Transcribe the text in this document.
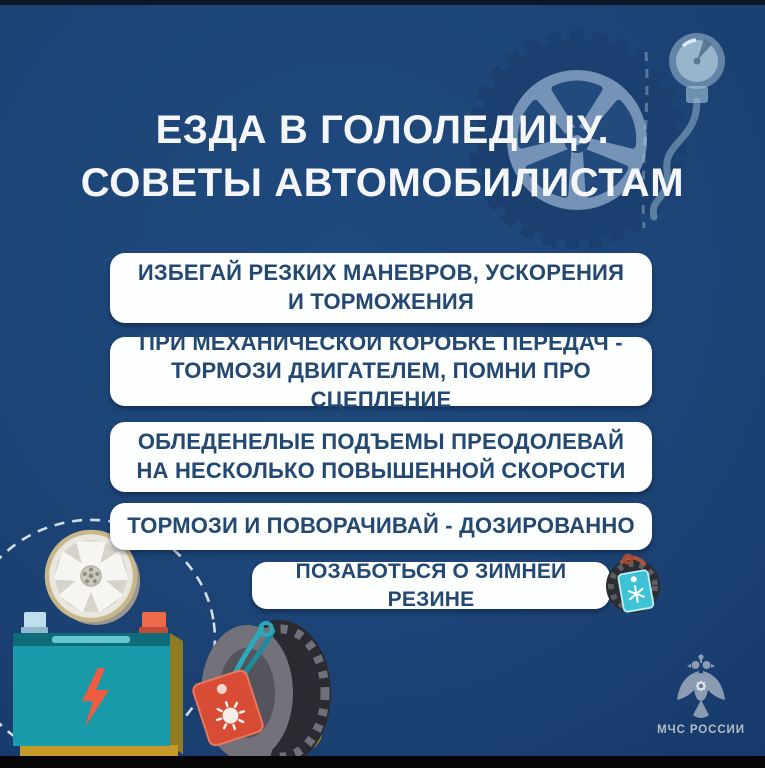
ЕЗДА В ГОЛОЛЕДИЦУ.
СОВЕТЫ АВТОМОБИЛИСТАМ
ИЗБЕГАЙ РЕЗКИХ МАНЕВРОВ, УСКОРЕНИЯ
И ТОРМОЖЕНИЯ
ПРИ МЕХАНИЧЕСКОЙ КОРОБКЕ ПЕРЕДАЧ -
ТОРМОЗИ ДВИГАТЕЛЕМ, ПОМНИ ПРО СЦЕПЛЕНИЕ
ОБЛЕДЕНЕЛЫЕ ПОДЪЕМЫ ПРЕОДОЛЕВАЙ
НА НЕСКОЛЬКО ПОВЫШЕННОЙ СКОРОСТИ
ТОРМОЗИ И ПОВОРАЧИВАЙ - ДОЗИРОВАННО
ПОЗАБОТЬСЯ О ЗИМНЕЙ РЕЗИНЕ
МЧС РОССИИ
